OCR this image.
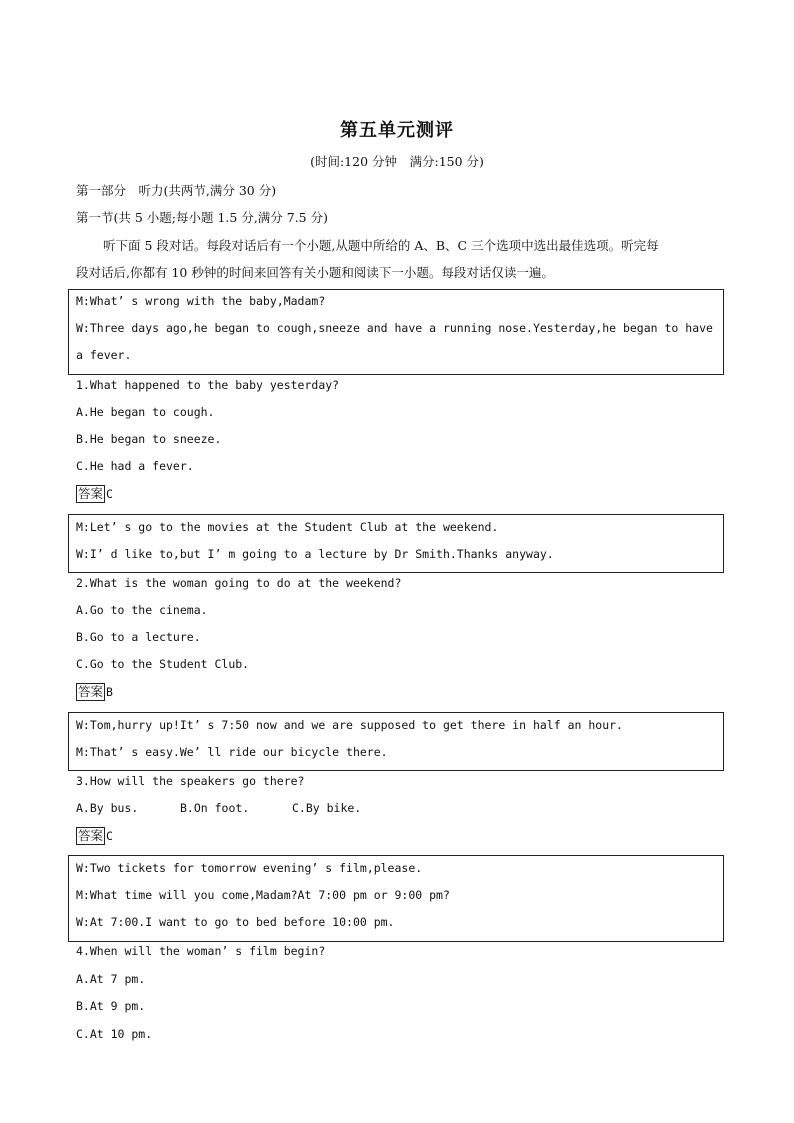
第五单元测评
(时间:120 分钟　满分:150 分)
第一部分　听力(共两节,满分 30 分)
第一节(共 5 小题;每小题 1.5 分,满分 7.5 分)
听下面 5 段对话。每段对话后有一个小题,从题中所给的 A、B、C 三个选项中选出最佳选项。听完每
段对话后,你都有 10 秒钟的时间来回答有关小题和阅读下一小题。每段对话仅读一遍。
M:What’ s wrong with the baby,Madam?
W:Three days ago,he began to cough,sneeze and have a running nose.Yesterday,he began to have
a fever.
1.What happened to the baby yesterday?
A.He began to cough.
B.He began to sneeze.
C.He had a fever.
答案 C
M:Let’ s go to the movies at the Student Club at the weekend.
W:I’ d like to,but I’ m going to a lecture by Dr Smith.Thanks anyway.
2.What is the woman going to do at the weekend?
A.Go to the cinema.
B.Go to a lecture.
C.Go to the Student Club.
答案 B
W:Tom,hurry up!It’ s 7:50 now and we are supposed to get there in half an hour.
M:That’ s easy.We’ ll ride our bicycle there.
3.How will the speakers go there?
A.By bus.	B.On foot.	C.By bike.
答案 C
W:Two tickets for tomorrow evening’ s film,please.
M:What time will you come,Madam?At 7:00 pm or 9:00 pm?
W:At 7:00.I want to go to bed before 10:00 pm.
4.When will the woman’ s film begin?
A.At 7 pm.
B.At 9 pm.
C.At 10 pm.
